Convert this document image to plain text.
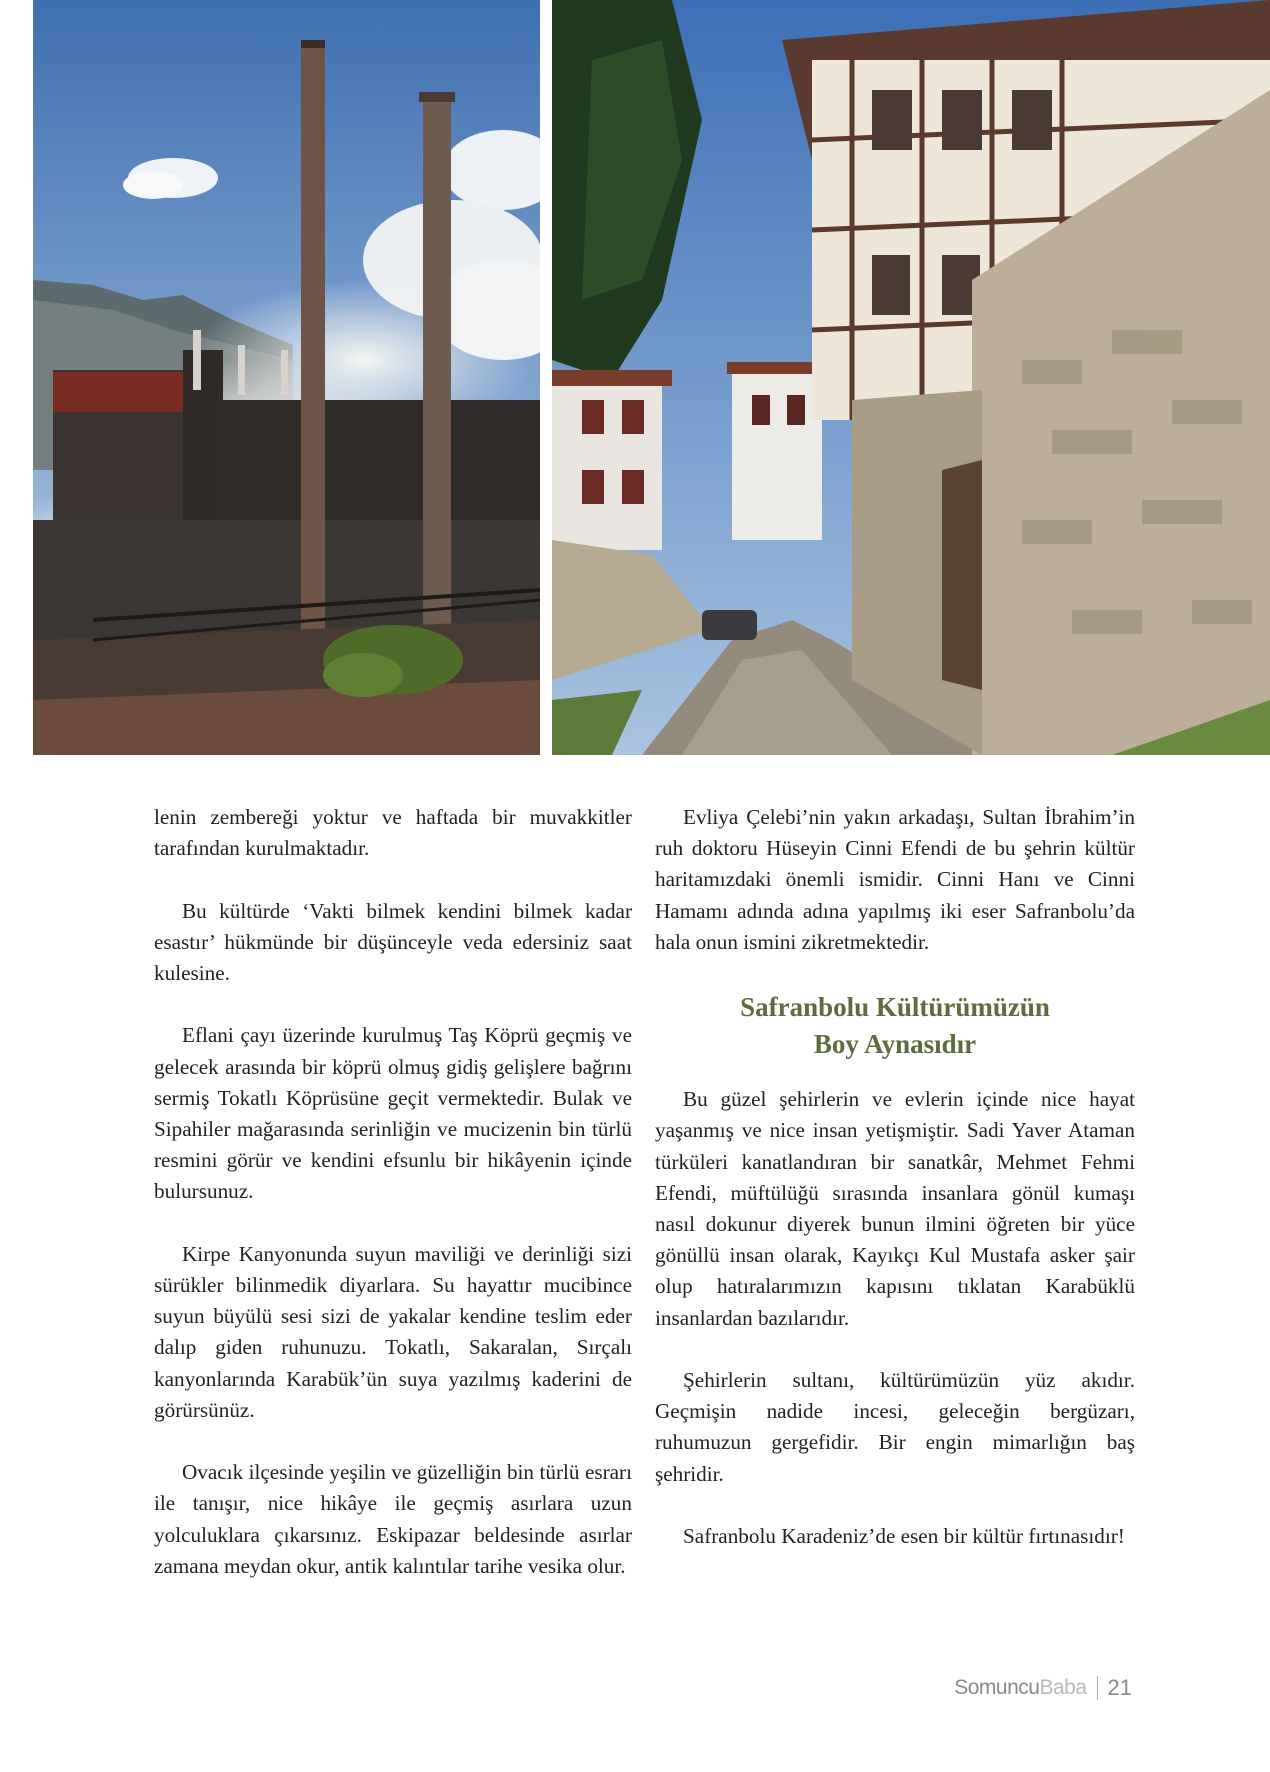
lenin zembereği yoktur ve haftada bir muvakkitler tarafından kurulmaktadır.

Bu kültürde ‘Vakti bilmek kendini bilmek kadar esastır’ hükmünde bir düşünceyle veda edersiniz saat kulesine.

Eflani çayı üzerinde kurulmuş Taş Köprü geçmiş ve gelecek arasında bir köprü olmuş gidiş gelişlere bağrını sermiş Tokatlı Köprüsüne geçit vermektedir. Bulak ve Sipahiler mağarasında serinliğin ve mucizenin bin türlü resmini görür ve kendini efsunlu bir hikâyenin içinde bulursunuz.

Kirpe Kanyonunda suyun maviliği ve derinliği sizi sürükler bilinmedik diyarlara. Su hayattır mucibince suyun büyülü sesi sizi de yakalar kendine teslim eder dalıp giden ruhunuzu. Tokatlı, Sakaralan, Sırçalı kanyonlarında Karabük’ün suya yazılmış kaderini de görürsünüz.

Ovacık ilçesinde yeşilin ve güzelliğin bin türlü esrarı ile tanışır, nice hikâye ile geçmiş asırlara uzun yolculuklara çıkarsınız. Eskipazar beldesinde asırlar zamana meydan okur, antik kalıntılar tarihe vesika olur.

Evliya Çelebi’nin yakın arkadaşı, Sultan İbrahim’in ruh doktoru Hüseyin Cinni Efendi de bu şehrin kültür haritamızdaki önemli ismidir. Cinni Hanı ve Cinni Hamamı adında adına yapılmış iki eser Safranbolu’da hala onun ismini zikretmektedir.

Safranbolu Kültürümüzün
Boy Aynasıdır

Bu güzel şehirlerin ve evlerin içinde nice hayat yaşanmış ve nice insan yetişmiştir. Sadi Yaver Ataman türküleri kanatlandıran bir sanatkâr, Mehmet Fehmi Efendi, müftülüğü sırasında insanlara gönül kumaşı nasıl dokunur diyerek bunun ilmini öğreten bir yüce gönüllü insan olarak, Kayıkçı Kul Mustafa asker şair olup hatıralarımızın kapısını tıklatan Karabüklü insanlardan bazılarıdır.

Şehirlerin sultanı, kültürümüzün yüz akıdır. Geçmişin nadide incesi, geleceğin bergüzarı, ruhumuzun gergefidir. Bir engin mimarlığın baş şehridir.

Safranbolu Karadeniz’de esen bir kültür fırtınasıdır!

Somuncu Baba 21
